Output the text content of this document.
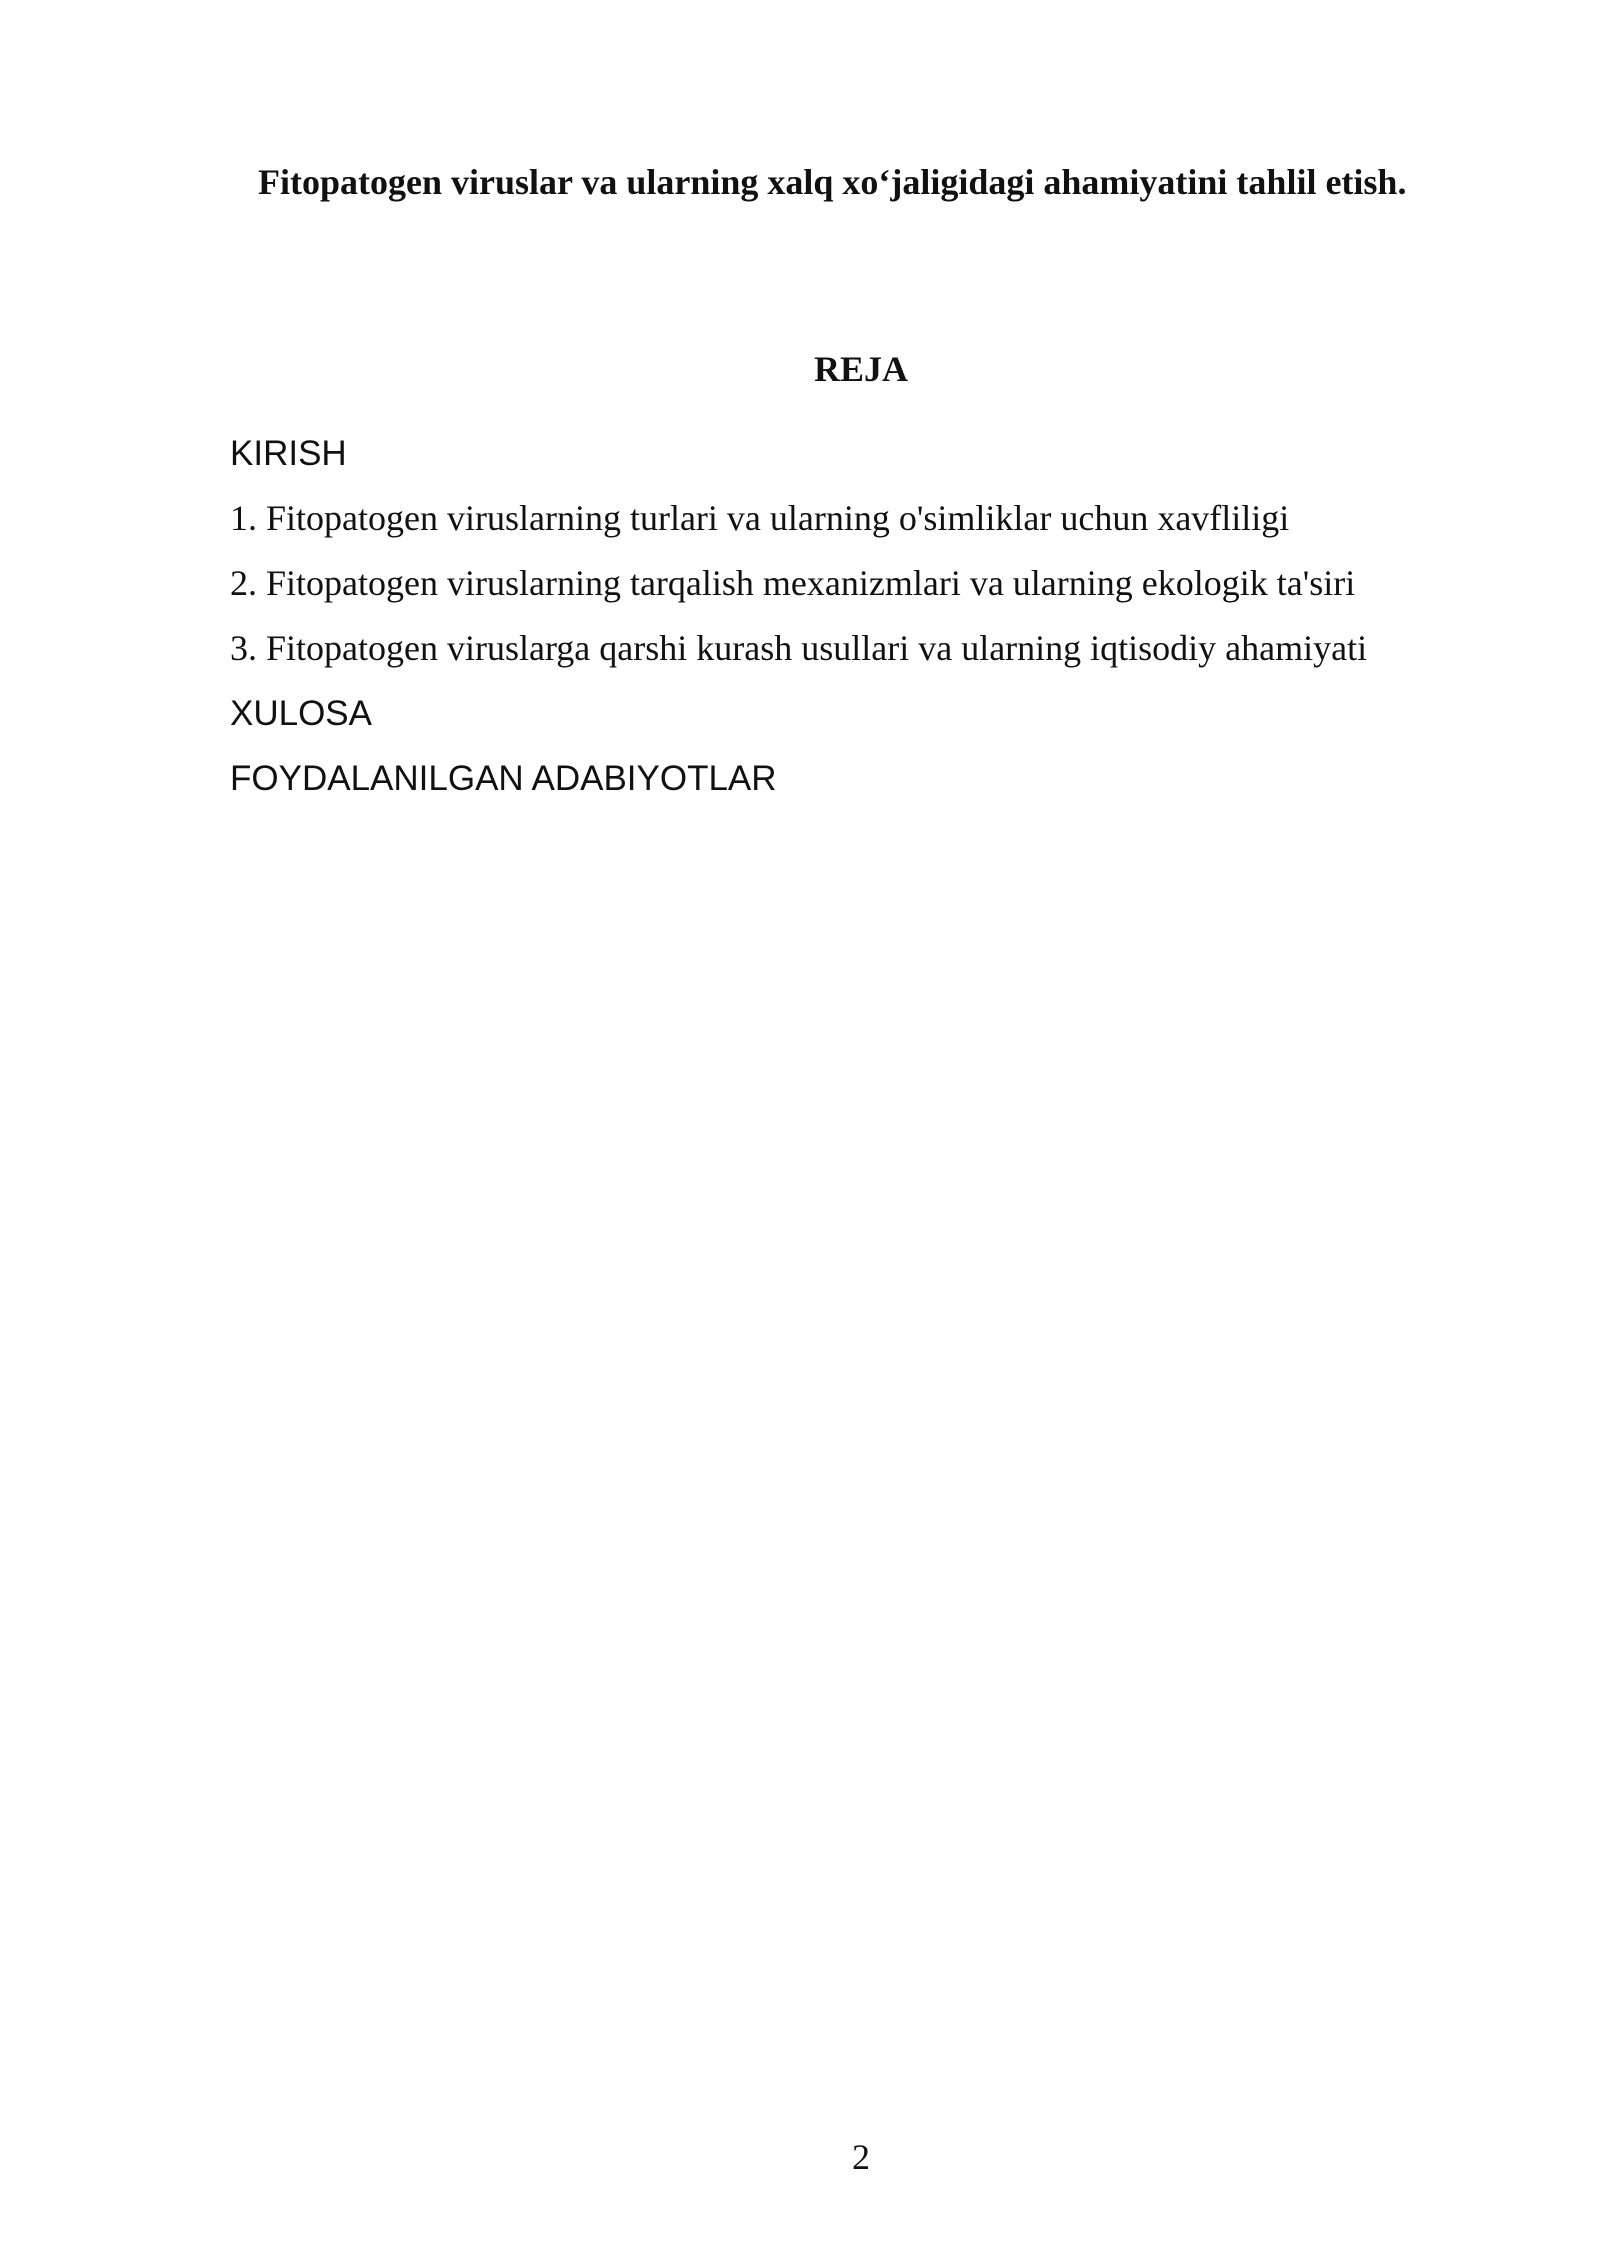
Fitopatogen viruslar va ularning xalq xo‘jaligidagi ahamiyatini tahlil etish.
REJA
KIRISH
1. Fitopatogen viruslarning turlari va ularning o'simliklar uchun xavfliligi
2. Fitopatogen viruslarning tarqalish mexanizmlari va ularning ekologik ta'siri
3. Fitopatogen viruslarga qarshi kurash usullari va ularning iqtisodiy ahamiyati
XULOSA
FOYDALANILGAN ADABIYOTLAR
2
